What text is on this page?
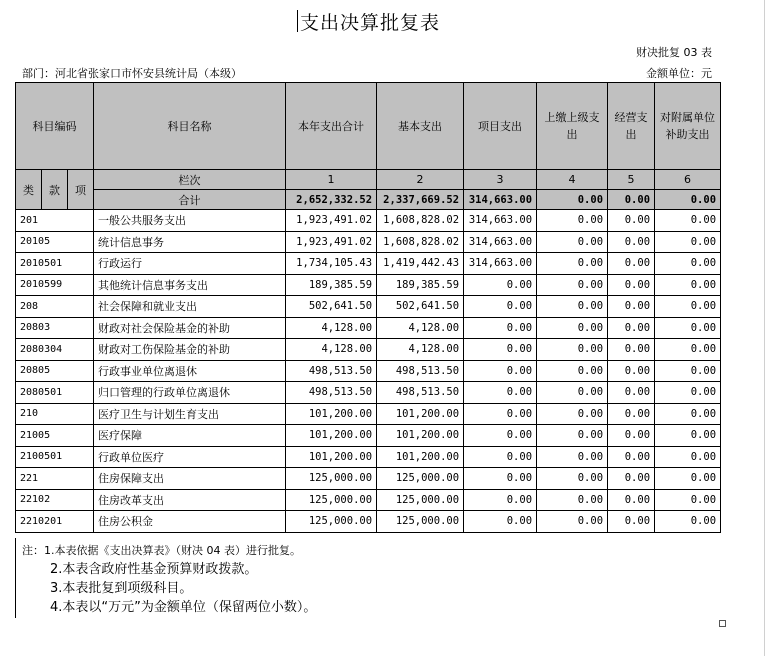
支出决算批复表
财决批复 03 表
部门：河北省张家口市怀安县统计局（本级）	金额单位：元
科目编码			科目名称	本年支出合计	基本支出	项目支出	上缴上级支出	经营支出	对附属单位补助支出
类	款	项	栏次	1	2	3	4	5	6
			合计	2,652,332.52	2,337,669.52	314,663.00	0.00	0.00	0.00
201			一般公共服务支出	1,923,491.02	1,608,828.02	314,663.00	0.00	0.00	0.00
20105			统计信息事务	1,923,491.02	1,608,828.02	314,663.00	0.00	0.00	0.00
2010501			行政运行	1,734,105.43	1,419,442.43	314,663.00	0.00	0.00	0.00
2010599			其他统计信息事务支出	189,385.59	189,385.59	0.00	0.00	0.00	0.00
208			社会保障和就业支出	502,641.50	502,641.50	0.00	0.00	0.00	0.00
20803			财政对社会保险基金的补助	4,128.00	4,128.00	0.00	0.00	0.00	0.00
2080304			财政对工伤保险基金的补助	4,128.00	4,128.00	0.00	0.00	0.00	0.00
20805			行政事业单位离退休	498,513.50	498,513.50	0.00	0.00	0.00	0.00
2080501			归口管理的行政单位离退休	498,513.50	498,513.50	0.00	0.00	0.00	0.00
210			医疗卫生与计划生育支出	101,200.00	101,200.00	0.00	0.00	0.00	0.00
21005			医疗保障	101,200.00	101,200.00	0.00	0.00	0.00	0.00
2100501			行政单位医疗	101,200.00	101,200.00	0.00	0.00	0.00	0.00
221			住房保障支出	125,000.00	125,000.00	0.00	0.00	0.00	0.00
22102			住房改革支出	125,000.00	125,000.00	0.00	0.00	0.00	0.00
2210201			住房公积金	125,000.00	125,000.00	0.00	0.00	0.00	0.00
注：1.本表依据《支出决算表》（财决 04 表）进行批复。
2.本表含政府性基金预算财政拨款。
3.本表批复到项级科目。
4.本表以“万元”为金额单位（保留两位小数）。
